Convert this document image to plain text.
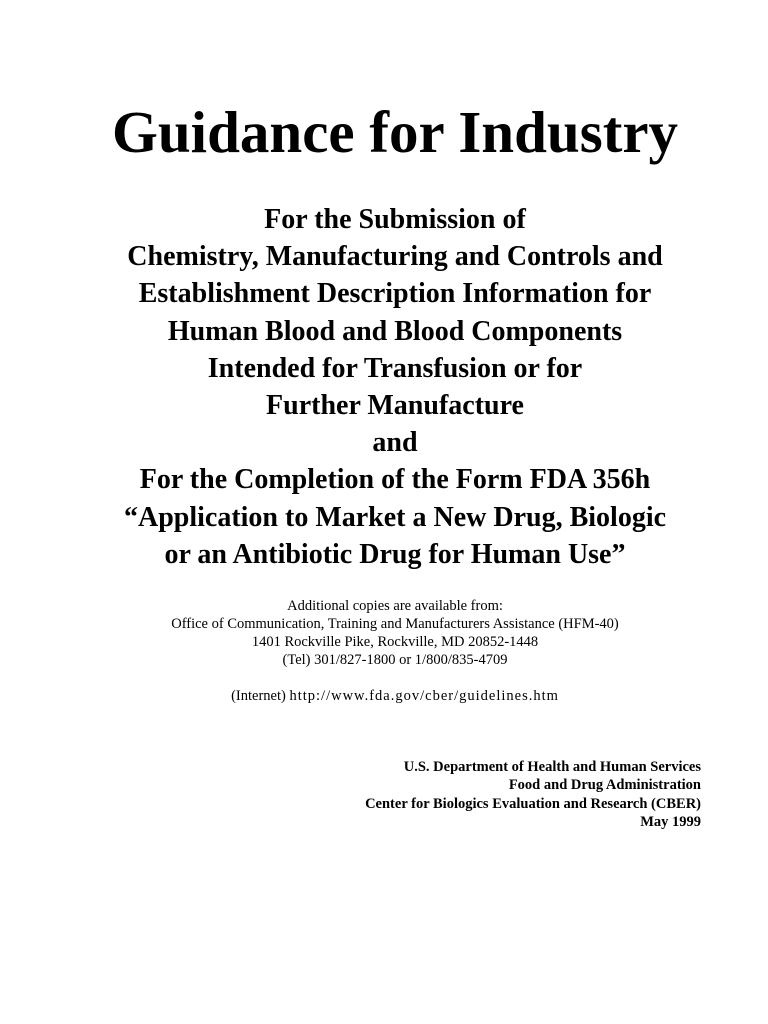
Guidance for Industry
For the Submission of
Chemistry, Manufacturing and Controls and
Establishment Description Information for
Human Blood and Blood Components
Intended for Transfusion or for
Further Manufacture
and
For the Completion of the Form FDA 356h
“Application to Market a New Drug, Biologic
or an Antibiotic Drug for Human Use”
Additional copies are available from:
Office of Communication, Training and Manufacturers Assistance (HFM-40)
1401 Rockville Pike, Rockville, MD 20852-1448
(Tel) 301/827-1800 or 1/800/835-4709
(Internet) http://www.fda.gov/cber/guidelines.htm
U.S. Department of Health and Human Services
Food and Drug Administration
Center for Biologics Evaluation and Research (CBER)
May 1999
